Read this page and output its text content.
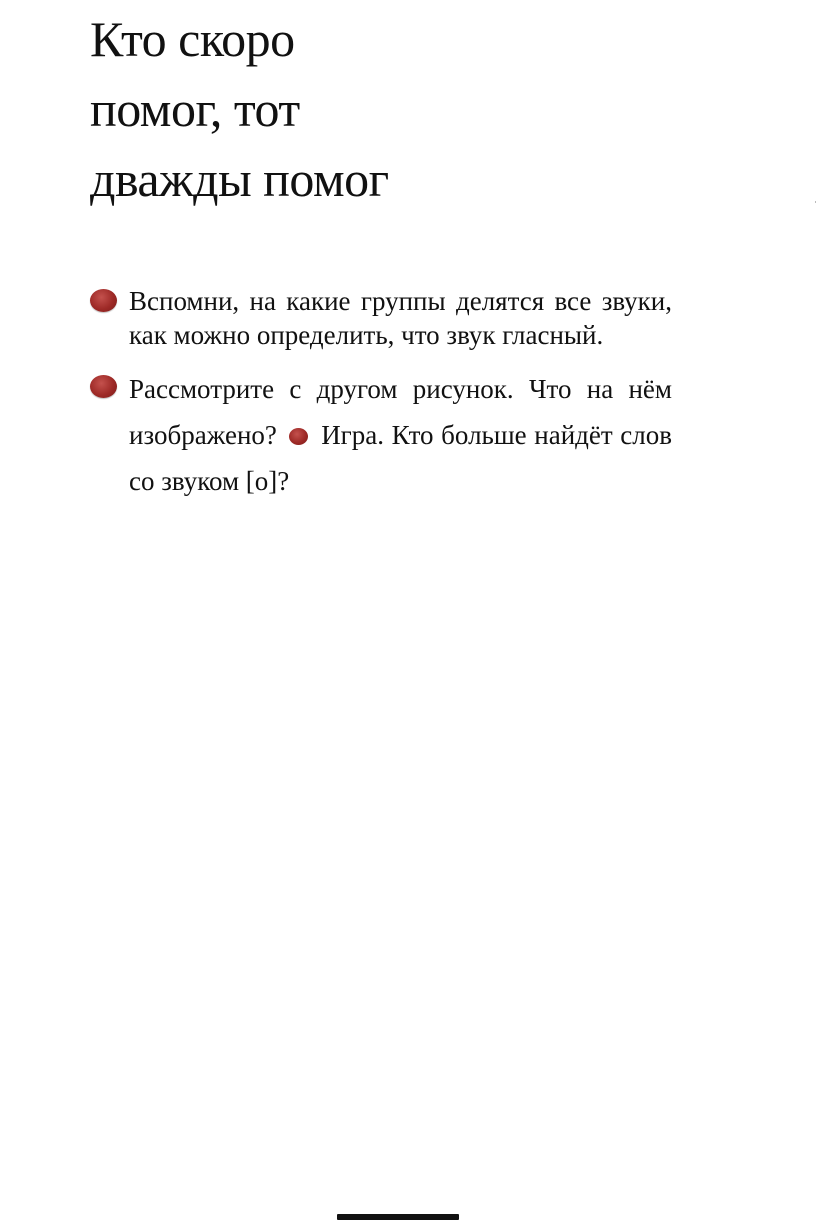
Кто скоро помог, тот дважды помог
Вспомни, на какие группы делятся все звуки, как можно определить, что звук гласный.
Рассмотрите с другом рисунок. Что на нём изображено? Игра. Кто больше найдёт слов со звуком [о]?
